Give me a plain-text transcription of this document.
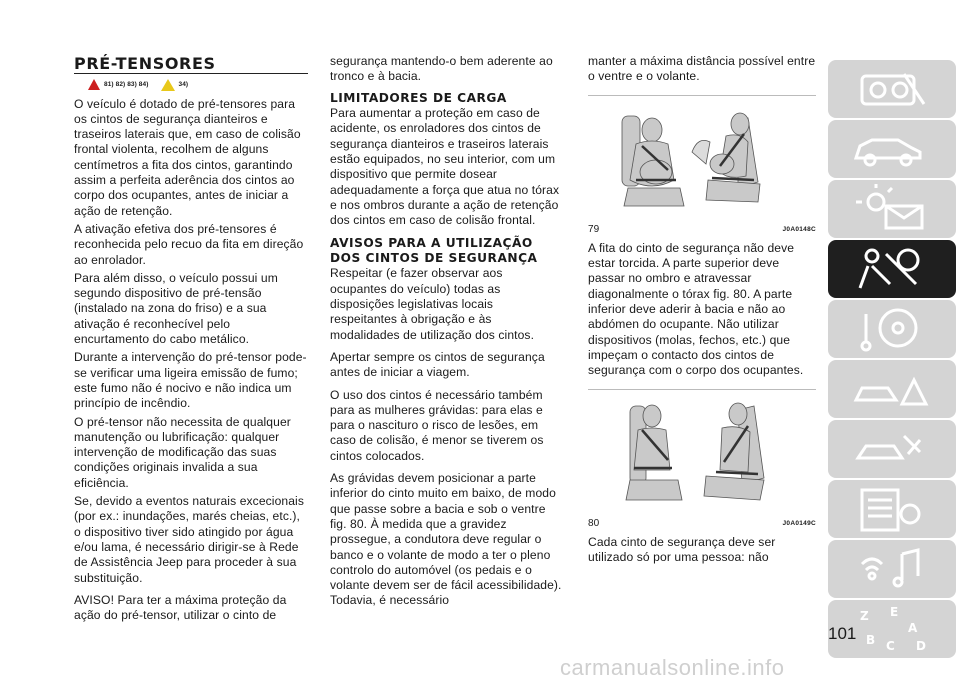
PRÉ-TENSORES
81) 82) 83) 84)	34)

O veículo é dotado de pré-tensores para os cintos de segurança dianteiros e traseiros laterais que, em caso de colisão frontal violenta, recolhem de alguns centímetros a fita dos cintos, garantindo assim a perfeita aderência dos cintos ao corpo dos ocupantes, antes de iniciar a ação de retenção.

A ativação efetiva dos pré-tensores é reconhecida pelo recuo da fita em direção ao enrolador.

Para além disso, o veículo possui um segundo dispositivo de pré-tensão (instalado na zona do friso) e a sua ativação é reconhecível pelo encurtamento do cabo metálico.

Durante a intervenção do pré-tensor pode-se verificar uma ligeira emissão de fumo; este fumo não é nocivo e não indica um princípio de incêndio.

O pré-tensor não necessita de qualquer manutenção ou lubrificação: qualquer intervenção de modificação das suas condições originais invalida a sua eficiência.

Se, devido a eventos naturais excecionais (por ex.: inundações, marés cheias, etc.), o dispositivo tiver sido atingido por água e/ou lama, é necessário dirigir-se à Rede de Assistência Jeep para proceder à sua substituição.

AVISO! Para ter a máxima proteção da ação do pré-tensor, utilizar o cinto de

segurança mantendo-o bem aderente ao tronco e à bacia.

LIMITADORES DE CARGA

Para aumentar a proteção em caso de acidente, os enroladores dos cintos de segurança dianteiros e traseiros laterais estão equipados, no seu interior, com um dispositivo que permite dosear adequadamente a força que atua no tórax e nos ombros durante a ação de retenção dos cintos em caso de colisão frontal.

AVISOS PARA A UTILIZAÇÃO DOS CINTOS DE SEGURANÇA

Respeitar (e fazer observar aos ocupantes do veículo) todas as disposições legislativas locais respeitantes à obrigação e às modalidades de utilização dos cintos.

Apertar sempre os cintos de segurança antes de iniciar a viagem.

O uso dos cintos é necessário também para as mulheres grávidas: para elas e para o nascituro o risco de lesões, em caso de colisão, é menor se tiverem os cintos colocados.

As grávidas devem posicionar a parte inferior do cinto muito em baixo, de modo que passe sobre a bacia e sob o ventre fig. 80. À medida que a gravidez prossegue, a condutora deve regular o banco e o volante de modo a ter o pleno controlo do automóvel (os pedais e o volante devem ser de fácil acessibilidade). Todavia, é necessário

manter a máxima distância possível entre o ventre e o volante.

79	J0A0148C

A fita do cinto de segurança não deve estar torcida. A parte superior deve passar no ombro e atravessar diagonalmente o tórax fig. 80. A parte inferior deve aderir à bacia e não ao abdómen do ocupante. Não utilizar dispositivos (molas, fechos, etc.) que impeçam o contacto dos cintos de segurança com o corpo dos ocupantes.

80	J0A0149C

Cada cinto de segurança deve ser utilizado só por uma pessoa: não

Z E
A
B C D
101
carmanualsonline.info
